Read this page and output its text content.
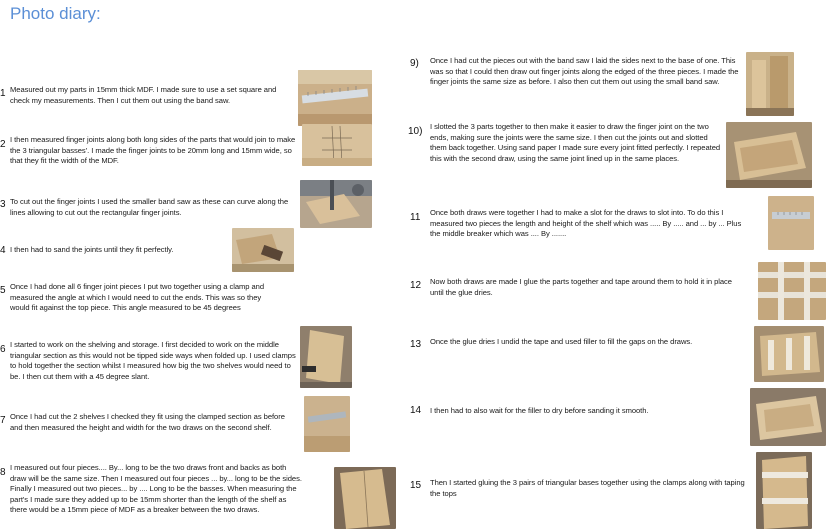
Photo diary:
1 Measured out my parts in 15mm thick MDF. I made sure to use a set square and check my measurements. Then I cut them out using the band saw.
2 I then measured finger joints along both long sides of the parts that would join to make the 3 triangular basses'. I made the finger joints to be 20mm long and 15mm wide, so that they fit the width of the MDF.
3 To cut out the finger joints I used the smaller band saw as these can curve along the lines allowing to cut out the rectangular finger joints.
4 I then had to sand the joints until they fit perfectly.
5 Once I had done all 6 finger joint pieces I put two together using a clamp and measured the angle at which I would need to cut the ends. This was so they would fit against the top piece. This angle measured to be 45 degrees
6 I started to work on the shelving and storage. I first decided to work on the middle triangular section as this would not be tipped side ways when folded up. I used clamps to hold together the section whilst I measured how big the two shelves would need to be. I then cut them with a 45 degree slant.
7 Once I had cut the 2 shelves I checked they fit using the clamped section as before and then measured the height and width for the two draws on the second shelf.
8 I measured out four pieces.... By... long to be the two draws front and backs as both draw will be the same size. Then I measured out four pieces ... by... long to be the sides. Finally I measured out two pieces... by .... Long to be the basses. When measuring the part's I made sure they added up to be 15mm shorter than the length of the shelf as there would be a 15mm piece of MDF as a breaker between the two draws.
9) Once I had cut the pieces out with the band saw I laid the sides next to the base of one. This was so that I could then draw out finger joints along the edged of the three pieces. I made the finger joints the same size as before. I also then cut them out using the small band saw.
10) I slotted the 3 parts together to then make it easier to draw the finger joint on the two ends, making sure the joints were the same size. I then cut the joints out and slotted them back together. Using sand paper I made sure every joint fitted perfectly. I repeated this with the second draw, using the same joint lined up in the same places.
11 Once both draws were together I had to make a slot for the draws to slot into. To do this I measured two pieces the length and height of the shelf which was ..... By ..... and ... by ... Plus the middle breaker which was .... By .......
12 Now both draws are made I glue the parts together and tape around them to hold it in place until the glue dries.
13 Once the glue dries I undid the tape and used filler to fill the gaps on the draws.
14 I then had to also wait for the filler to dry before sanding it smooth.
15 Then I started gluing the 3 pairs of triangular bases together using the clamps along with taping the tops
